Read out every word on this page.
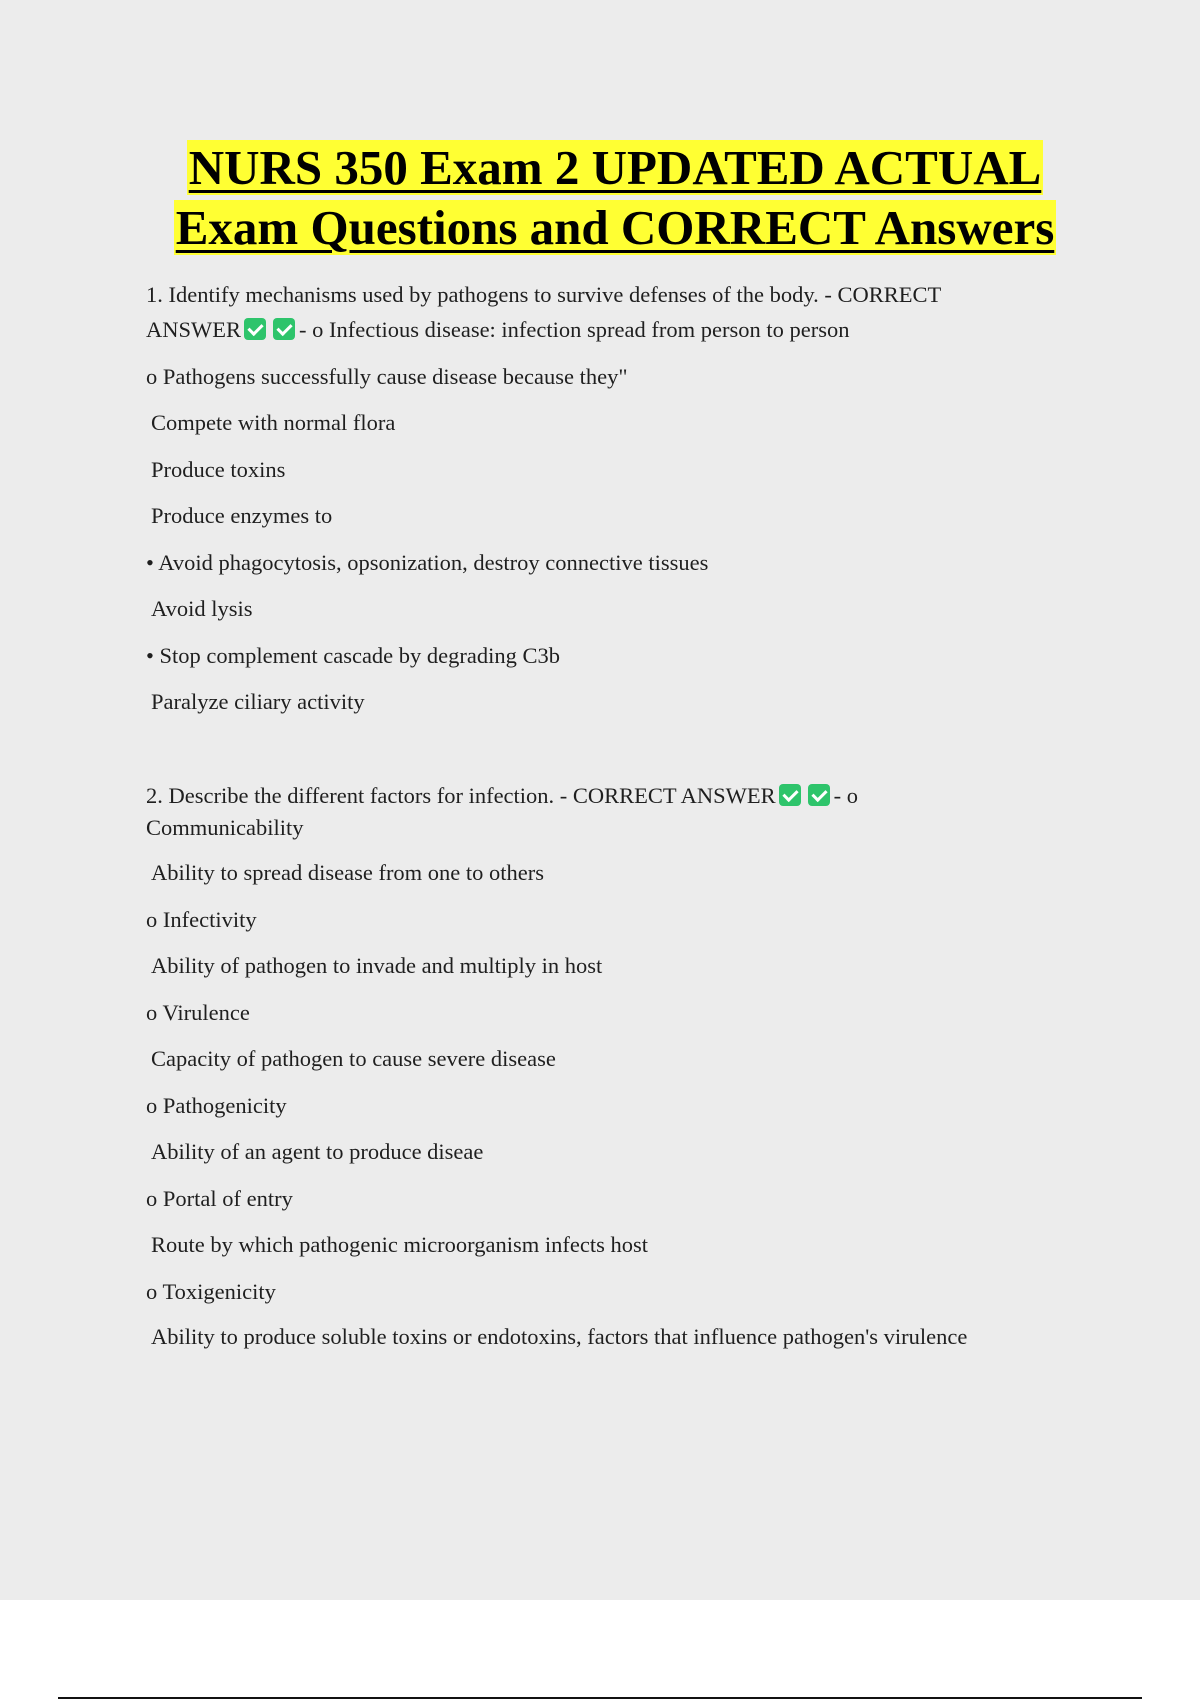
NURS 350 Exam 2 UPDATED ACTUAL
Exam Questions and CORRECT Answers
1. Identify mechanisms used by pathogens to survive defenses of the body. - CORRECT
ANSWER	- o Infectious disease: infection spread from person to person
o Pathogens successfully cause disease because they"
Compete with normal flora
Produce toxins
Produce enzymes to
• Avoid phagocytosis, opsonization, destroy connective tissues
Avoid lysis
• Stop complement cascade by degrading C3b
Paralyze ciliary activity
2. Describe the different factors for infection. - CORRECT ANSWER	- o
Communicability
Ability to spread disease from one to others
o Infectivity
Ability of pathogen to invade and multiply in host
o Virulence
Capacity of pathogen to cause severe disease
o Pathogenicity
Ability of an agent to produce diseae
o Portal of entry
Route by which pathogenic microorganism infects host
o Toxigenicity
Ability to produce soluble toxins or endotoxins, factors that influence pathogen's virulence
